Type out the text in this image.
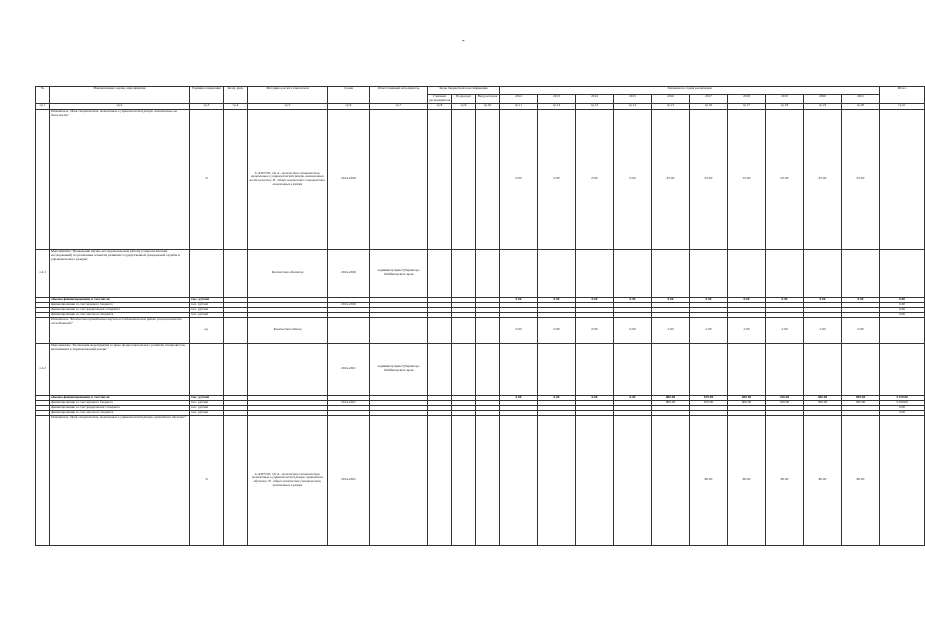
-
№	Наименование задачи, мероприятия	Единица измерения	Коэф. фин.	Методика расчета показателя	Сроки	Ответственный исполнитель	Коды бюджетной классификации			Значения по годам реализации										Итого
							Главный распорядитель	Подраздел	Вид расходов	2012	2013	2014	2015	2016	2017	2018	2019	2020	2021	
гр.1	гр.2	гр.3	гр.4	гр.5	гр.6	гр.7	гр.8	гр.9	гр.10	гр.11	гр.12	гр.13	гр.14	гр.15	гр.16	гр.17	гр.18	гр.19	гр.20	гр.21
	Показатель "Доля специалистов, включенных в управленческий резерв, назначенных на должности"	%		I=A/B*100, где A - количество специалистов, включенных в управленческий резерв, назначенных на должности; B - общее количество специалистов, включенных в резерв	2014-2020					0.00	0.00	0.00	0.00	65.00	65.00	55.00	65.00	65.00	65.00	
1.2.1	Мероприятие "Проведение научно-исследовательской работы (социологических исследований) по различным аспектам развития государственной гражданской службы и управленческого резерва"			Количество объектов	2014-2020	Администрация Губернатора Забайкальского края														
	объемы финансирования, в том числе:	тыс. рублей								0.00	0.00	0.00	0.00	0.00	0.00	0.00	0.00	0.00	0.00	0.00
	финансирование за счет краевого бюджета	тыс. рублей			2014-2020															0.00
	финансирование за счет федерального бюджета	тыс. рублей																		0.00
	финансирование за счет местного бюджета	тыс. рублей																		0.00
	Показатель "Количество проведенных научно-исследовательских работ (социологических исследований)"	ед.		Количество единиц						0.00	0.00	0.00	0.00	2.00	2.00	2.00	2.00	2.00	0.00	
1.2.2	Мероприятие "Реализация мероприятий в сфере профессионального развития специалистов, включенных в управленческий резерв"				2014-2021	Администрация Губернатора Забайкальского края														
	объемы финансирования, в том числе:	тыс. рублей								0.00	0.00	0.00	0.00	800.00	670.00	600.00	250.00	500.00	500.00	3 320.00
	финансирование за счет краевого бюджета	тыс. рублей			2014-2021									800.00	670.00	600.00	250.00	500.00	500.00	3 320.00
	финансирование за счет федерального бюджета	тыс. рублей																		0.00
	финансирование за счет местного бюджета	тыс. рублей																		0.00
	Показатель "Доля специалистов, включенных в управленческий резерв, прошедших обучение"	%		I=A/B*100, где A - количество специалистов, включенных в управленческий резерв, прошедших обучение; B - общее количество специалистов, включенных в резерв	2014-2021										80.00	80.00	80.00	80.00	80.00	
